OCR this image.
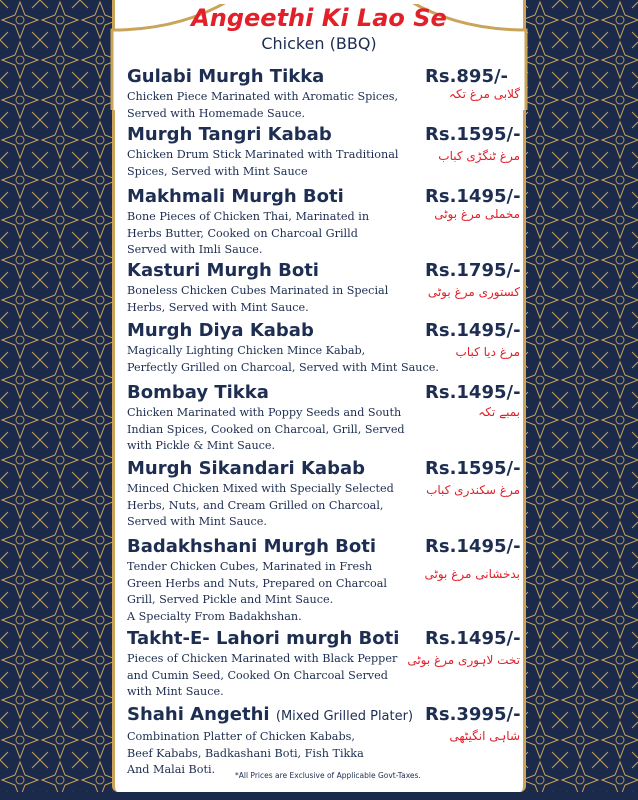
Angeethi Ki Lao Se
Chicken (BBQ)
Gulabi Murgh Tikka
Chicken Piece Marinated with Aromatic Spices,
Served with Homemade Sauce.
Rs.895/-
گلابی مرغ تکہ
Murgh Tangri Kabab
Chicken Drum Stick Marinated with Traditional
Spices, Served with Mint Sauce
Rs.1595/-
مرغ ٹنگڑی کباب
Makhmali Murgh Boti
Bone Pieces of Chicken Thai, Marinated in
Herbs Butter, Cooked on Charcoal Grilld
Served with Imli Sauce.
Rs.1495/-
مخملی مرغ بوٹی
Kasturi Murgh Boti
Boneless Chicken Cubes Marinated in Special
Herbs, Served with Mint Sauce.
Rs.1795/-
کستوری مرغ بوٹی
Murgh Diya Kabab
Magically Lighting Chicken Mince Kabab,
Perfectly Grilled on Charcoal, Served with Mint Sauce.
Rs.1495/-
مرغ دیا کباب
Bombay Tikka
Chicken Marinated with Poppy Seeds and South
Indian Spices, Cooked on Charcoal, Grill, Served
with Pickle & Mint Sauce.
Rs.1495/-
بمبے تکہ
Murgh Sikandari Kabab
Minced Chicken Mixed with Specially Selected
Herbs, Nuts, and Cream Grilled on Charcoal,
Served with Mint Sauce.
Rs.1595/-
مرغ سکندری کباب
Badakhshani Murgh Boti
Tender Chicken Cubes, Marinated in Fresh
Green Herbs and Nuts, Prepared on Charcoal
Grill, Served Pickle and Mint Sauce.
A Specialty From Badakhshan.
Rs.1495/-
بدخشانی مرغ بوٹی
Takht-E- Lahori murgh Boti
Pieces of Chicken Marinated with Black Pepper
and Cumin Seed, Cooked On Charcoal Served
with Mint Sauce.
Rs.1495/-
تخت لاہوری مرغ بوٹی
Shahi Angethi (Mixed Grilled Plater)
Combination Platter of Chicken Kababs,
Beef Kababs, Badkashani Boti, Fish Tikka
And Malai Boti.
Rs.3995/-
شاہی انگیٹھی
*All Prices are Exclusive of Applicable Govt-Taxes.
